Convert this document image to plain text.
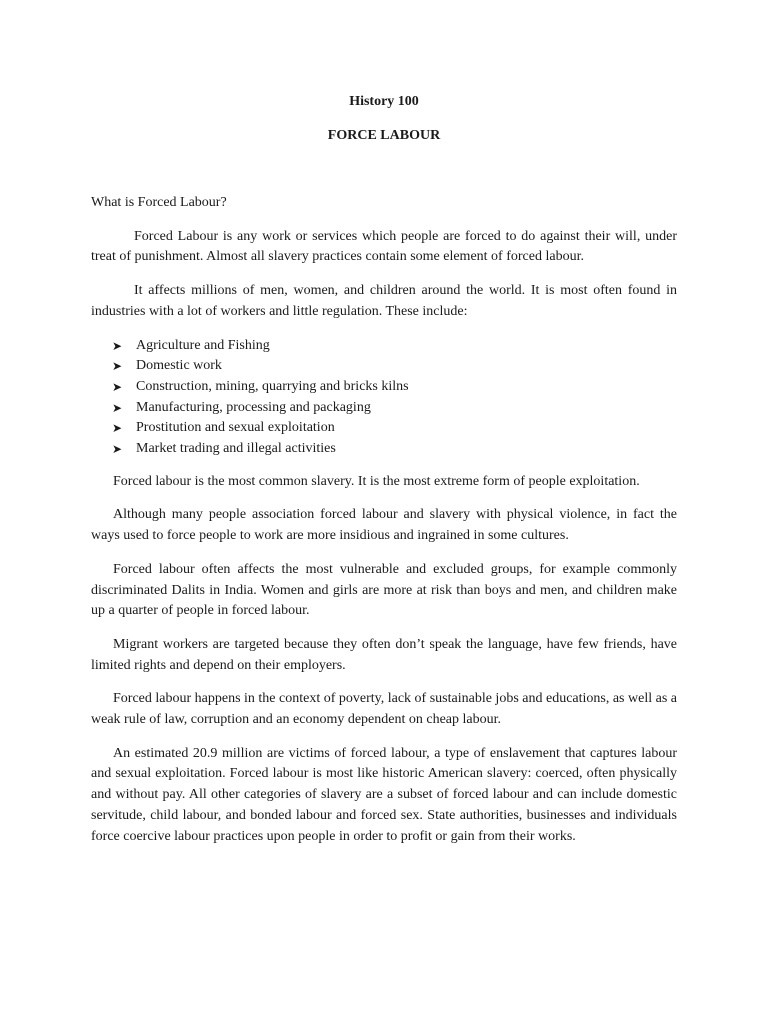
History 100

FORCE LABOUR

What is Forced Labour?

Forced Labour is any work or services which people are forced to do against their will, under treat of punishment. Almost all slavery practices contain some element of forced labour.

It affects millions of men, women, and children around the world. It is most often found in industries with a lot of workers and little regulation. These include:

➤ Agriculture and Fishing
➤ Domestic work
➤ Construction, mining, quarrying and bricks kilns
➤ Manufacturing, processing and packaging
➤ Prostitution and sexual exploitation
➤ Market trading and illegal activities

Forced labour is the most common slavery. It is the most extreme form of people exploitation.

Although many people association forced labour and slavery with physical violence, in fact the ways used to force people to work are more insidious and ingrained in some cultures.

Forced labour often affects the most vulnerable and excluded groups, for example commonly discriminated Dalits in India. Women and girls are more at risk than boys and men, and children make up a quarter of people in forced labour.

Migrant workers are targeted because they often don’t speak the language, have few friends, have limited rights and depend on their employers.

Forced labour happens in the context of poverty, lack of sustainable jobs and educations, as well as a weak rule of law, corruption and an economy dependent on cheap labour.

An estimated 20.9 million are victims of forced labour, a type of enslavement that captures labour and sexual exploitation. Forced labour is most like historic American slavery: coerced, often physically and without pay. All other categories of slavery are a subset of forced labour and can include domestic servitude, child labour, and bonded labour and forced sex. State authorities, businesses and individuals force coercive labour practices upon people in order to profit or gain from their works.
